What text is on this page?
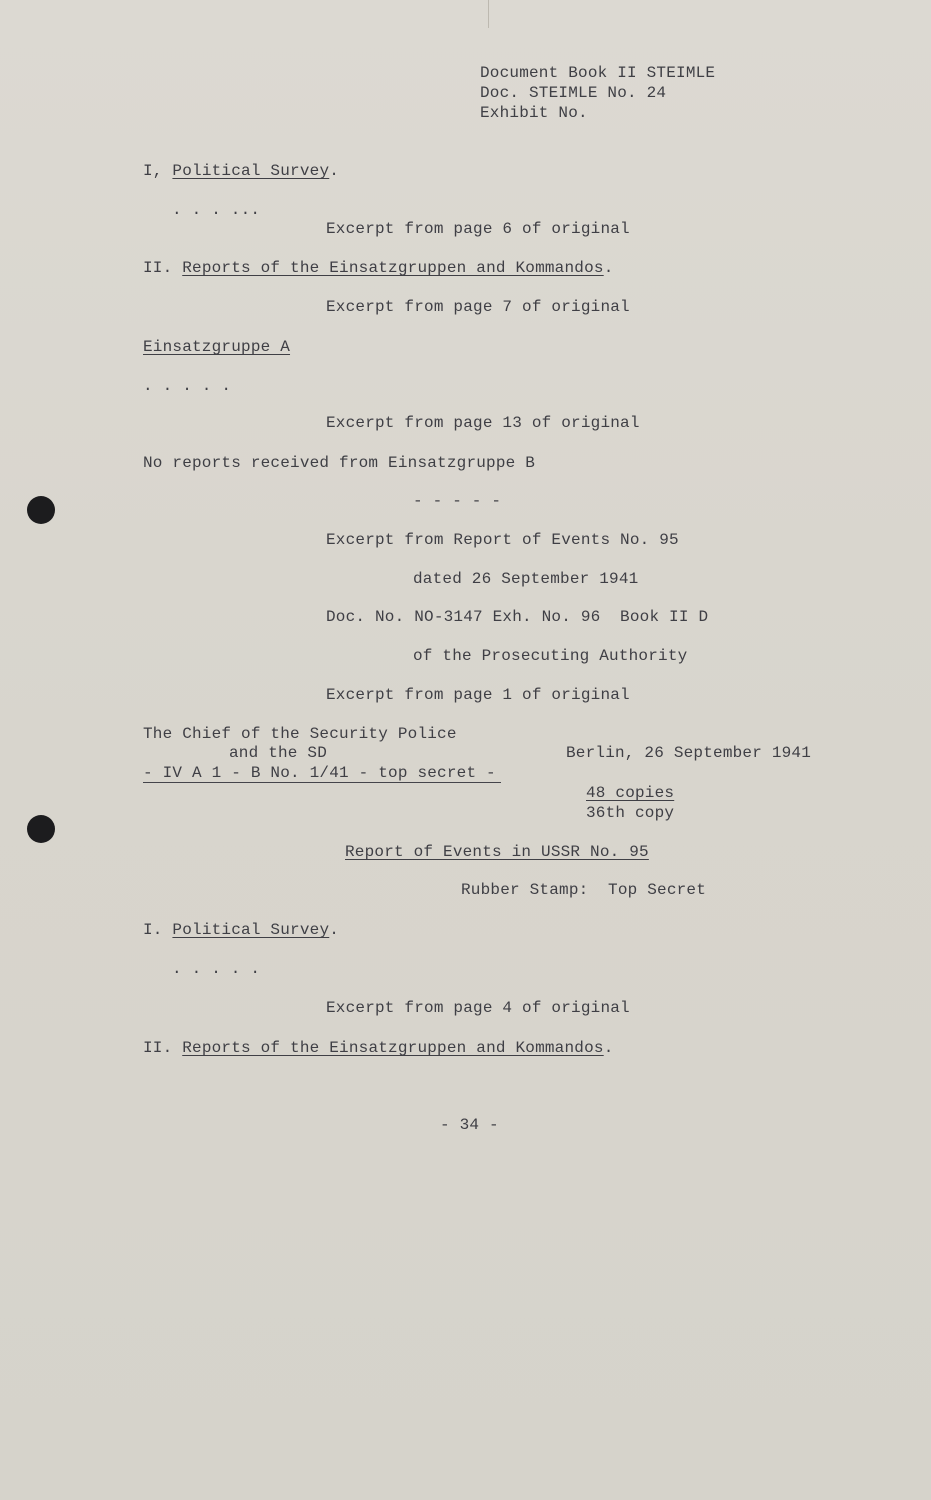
Document Book II STEIMLE
Doc. STEIMLE No. 24
Exhibit No.
I, Political Survey.
. . . ...
Excerpt from page 6 of original
II. Reports of the Einsatzgruppen and Kommandos.
Excerpt from page 7 of original
Einsatzgruppe A
. . . . .
Excerpt from page 13 of original
No reports received from Einsatzgruppe B
- - - - -
Excerpt from Report of Events No. 95
dated 26 September 1941
Doc. No. NO-3147 Exh. No. 96  Book II D
of the Prosecuting Authority
Excerpt from page 1 of original
The Chief of the Security Police
and the SD	Berlin, 26 September 1941
- IV A 1 - B No. 1/41 - top secret -
48 copies
36th copy
Report of Events in USSR No. 95
Rubber Stamp:  Top Secret
I. Political Survey.
. . . . .
Excerpt from page 4 of original
II. Reports of the Einsatzgruppen and Kommandos.
- 34 -
